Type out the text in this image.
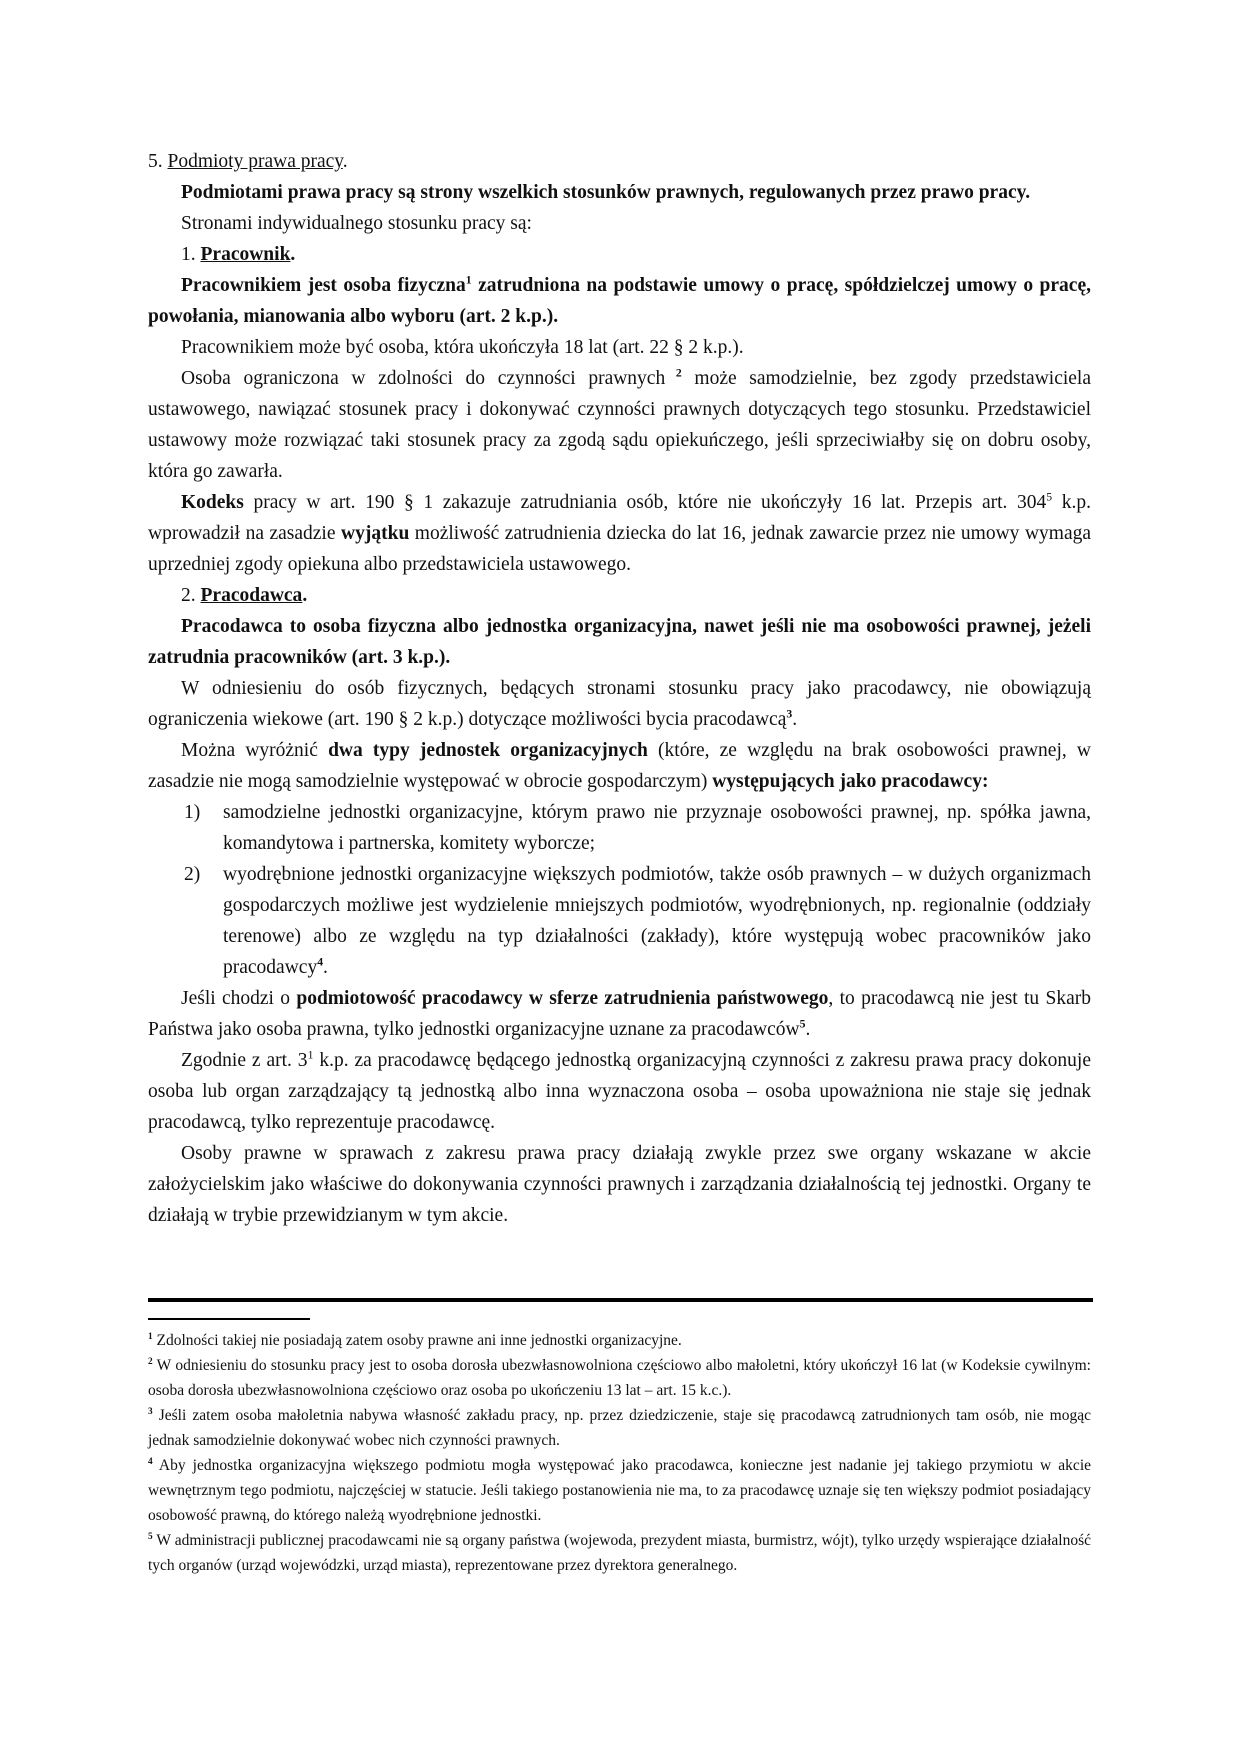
5. Podmioty prawa pracy.

Podmiotami prawa pracy są strony wszelkich stosunków prawnych, regulowanych przez prawo pracy.

Stronami indywidualnego stosunku pracy są:

1. Pracownik.

Pracownikiem jest osoba fizyczna$^1$ zatrudniona na podstawie umowy o pracę, spółdzielczej umowy o pracę, powołania, mianowania albo wyboru (art. 2 k.p.).

Pracownikiem może być osoba, która ukończyła 18 lat (art. 22 § 2 k.p.).

Osoba ograniczona w zdolności do czynności prawnych $^2$ może samodzielnie, bez zgody przedstawiciela ustawowego, nawiązać stosunek pracy i dokonywać czynności prawnych dotyczących tego stosunku. Przedstawiciel ustawowy może rozwiązać taki stosunek pracy za zgodą sądu opiekuńczego, jeśli sprzeciwiałby się on dobru osoby, która go zawarła.

Kodeks pracy w art. 190 § 1 zakazuje zatrudniania osób, które nie ukończyły 16 lat. Przepis art. $304^5$ k.p. wprowadził na zasadzie wyjątku możliwość zatrudnienia dziecka do lat 16, jednak zawarcie przez nie umowy wymaga uprzedniej zgody opiekuna albo przedstawiciela ustawowego.

2. Pracodawca.

Pracodawca to osoba fizyczna albo jednostka organizacyjna, nawet jeśli nie ma osobowości prawnej, jeżeli zatrudnia pracowników (art. 3 k.p.).

W odniesieniu do osób fizycznych, będących stronami stosunku pracy jako pracodawcy, nie obowiązują ograniczenia wiekowe (art. 190 § 2 k.p.) dotyczące możliwości bycia pracodawcą$^3$.

Można wyróżnić dwa typy jednostek organizacyjnych (które, ze względu na brak osobowości prawnej, w zasadzie nie mogą samodzielnie występować w obrocie gospodarczym) występujących jako pracodawcy:

1)	samodzielne jednostki organizacyjne, którym prawo nie przyznaje osobowości prawnej, np. spółka jawna, komandytowa i partnerska, komitety wyborcze;
2)	wyodrębnione jednostki organizacyjne większych podmiotów, także osób prawnych – w dużych organizmach gospodarczych możliwe jest wydzielenie mniejszych podmiotów, wyodrębnionych, np. regionalnie (oddziały terenowe) albo ze względu na typ działalności (zakłady), które występują wobec pracowników jako pracodawcy$^4$.

Jeśli chodzi o podmiotowość pracodawcy w sferze zatrudnienia państwowego, to pracodawcą nie jest tu Skarb Państwa jako osoba prawna, tylko jednostki organizacyjne uznane za pracodawców$^5$.

Zgodnie z art. $3^1$ k.p. za pracodawcę będącego jednostką organizacyjną czynności z zakresu prawa pracy dokonuje osoba lub organ zarządzający tą jednostką albo inna wyznaczona osoba – osoba upoważniona nie staje się jednak pracodawcą, tylko reprezentuje pracodawcę.

Osoby prawne w sprawach z zakresu prawa pracy działają zwykle przez swe organy wskazane w akcie założycielskim jako właściwe do dokonywania czynności prawnych i zarządzania działalnością tej jednostki. Organy te działają w trybie przewidzianym w tym akcie.

$^1$ Zdolności takiej nie posiadają zatem osoby prawne ani inne jednostki organizacyjne.

$^2$ W odniesieniu do stosunku pracy jest to osoba dorosła ubezwłasnowolniona częściowo albo małoletni, który ukończył 16 lat (w Kodeksie cywilnym: osoba dorosła ubezwłasnowolniona częściowo oraz osoba po ukończeniu 13 lat – art. 15 k.c.).

$^3$ Jeśli zatem osoba małoletnia nabywa własność zakładu pracy, np. przez dziedziczenie, staje się pracodawcą zatrudnionych tam osób, nie mogąc jednak samodzielnie dokonywać wobec nich czynności prawnych.

$^4$ Aby jednostka organizacyjna większego podmiotu mogła występować jako pracodawca, konieczne jest nadanie jej takiego przymiotu w akcie wewnętrznym tego podmiotu, najczęściej w statucie. Jeśli takiego postanowienia nie ma, to za pracodawcę uznaje się ten większy podmiot posiadający osobowość prawną, do którego należą wyodrębnione jednostki.

$^5$ W administracji publicznej pracodawcami nie są organy państwa (wojewoda, prezydent miasta, burmistrz, wójt), tylko urzędy wspierające działalność tych organów (urząd wojewódzki, urząd miasta), reprezentowane przez dyrektora generalnego.
